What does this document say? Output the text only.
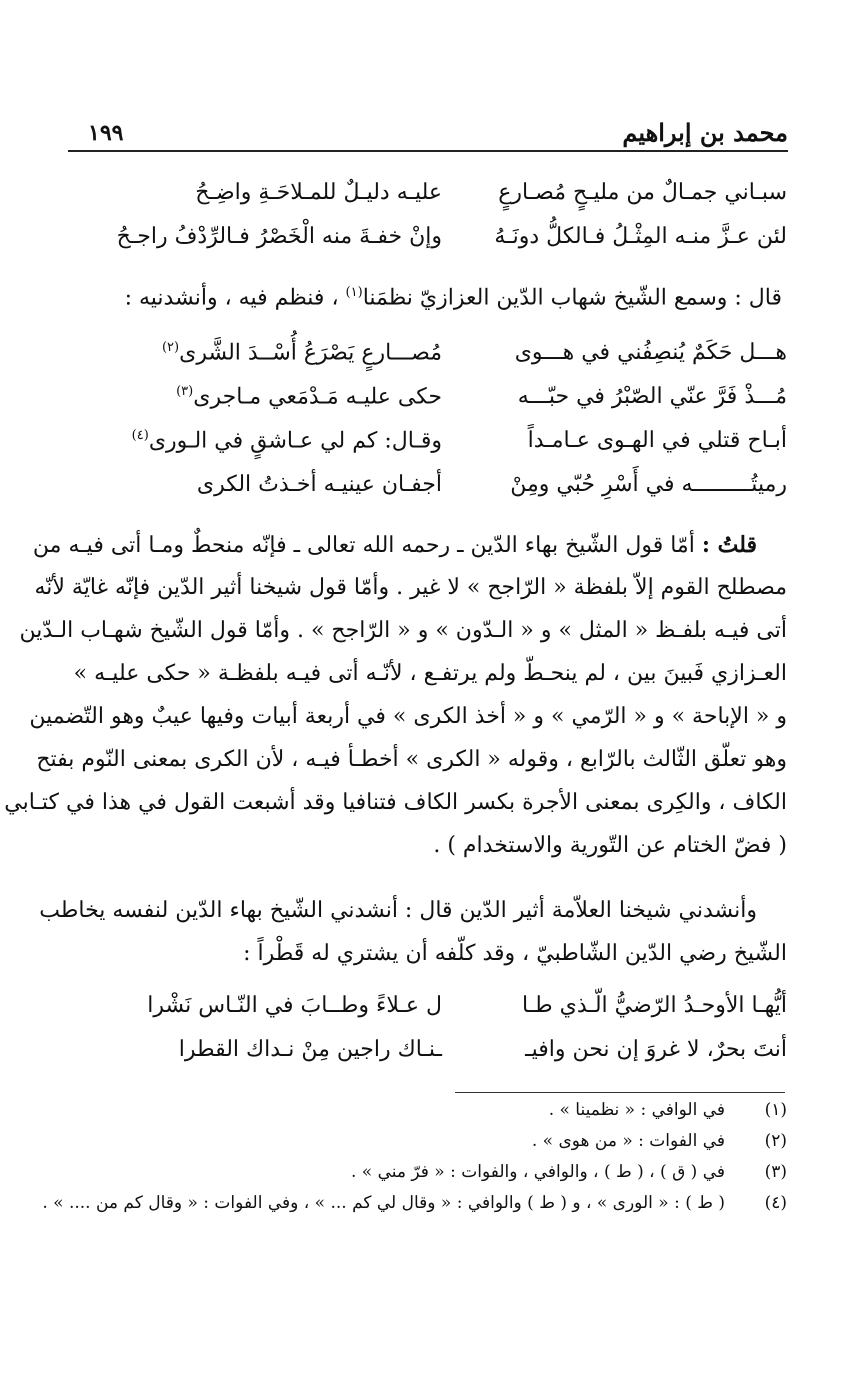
محمد بن إبراهيم
١٩٩
سبـاني جمـالٌ من مليـحٍ مُصـارعٍ
عليـه دليـلٌ للمـلاحَـةِ واضِـحُ
لئن عـزَّ منـه المِثْـلُ فـالكلُّ دونَـهُ
وإنْ خفـةَ منه الْخَصْرُ فـالرِّدْفُ راجـحُ
قال : وسمع الشّيخ شهاب الدّين العزازيّ نظمَنا$^{(١)}$ ، فنظم فيه ، وأنشدنيه :
هـــل حَكَمٌ يُنصِفُني في هـــوى
مُصـــارعٍ يَصْرَعُ أُسْــدَ الشَّرى$^{(٢)}$
مُـــذْ فَرَّ عنّي الصّبْرُ في حبّـــه
حكى عليـه مَـدْمَعي مـاجرى$^{(٣)}$
أبـاح قتلي في الهـوى عـامـداً
وقـال: كم لي عـاشقٍ في الـورى$^{(٤)}$
رميتُـــــــــه في أَسْرِ حُبّي ومِنْ
أجفـان عينيـه أخـذتُ الكرى
قلتُ : أمّا قول الشّيخ بهاء الدّين ـ رحمه الله تعالى ـ فإنّه منحطٌ ومـا أتى فيـه من
مصطلح القوم إلاّ بلفظة « الرّاجح » لا غير . وأمّا قول شيخنا أثير الدّين فإنّه غايّة لأنّه
أتى فيـه بلفـظ « المثل » و « الـدّون » و « الرّاجح » . وأمّا قول الشّيخ شهـاب الـدّين
العـزازي فَبينَ بين ، لم ينحـطّ ولم يرتفـع ، لأنّـه أتى فيـه بلفظـة « حكى عليـه »
و « الإباحة » و « الرّمي » و « أخذ الكرى » في أربعة أبيات وفيها عيبٌ وهو التّضمين
وهو تعلّق الثّالث بالرّابع ، وقوله « الكرى » أخطـأ فيـه ، لأن الكرى بمعنى النّوم بفتح
الكاف ، والكِرى بمعنى الأجرة بكسر الكاف فتنافيا وقد أشبعت القول في هذا في كتـابي
( فضّ الختام عن التّورية والاستخدام ) .
وأنشدني شيخنا العلاّمة أثير الدّين قال : أنشدني الشّيخ بهاء الدّين لنفسه يخاطب
الشّيخ رضي الدّين الشّاطبيّ ، وقد كلّفه أن يشتري له قَطْراً :
أيُّهـا الأوحـدُ الرّضيُّ الّـذي طـا
ل عـلاءً وطــابَ في النّـاس نَشْرا
أنتَ بحرٌ، لا غروَ إن نحن وافيـ
ـنـاك راجين مِنْ نـداك القطرا
(١)
في الوافي : « نظمينا » .
(٢)
في الفوات : « من هوى » .
(٣)
في ( ق ) ، ( ط ) ، والوافي ، والفوات : « فرّ مني » .
(٤)
( ط ) : « الورى » ، و ( ط ) والوافي : « وقال لي كم ... » ، وفي الفوات : « وقال كم من .... » .
